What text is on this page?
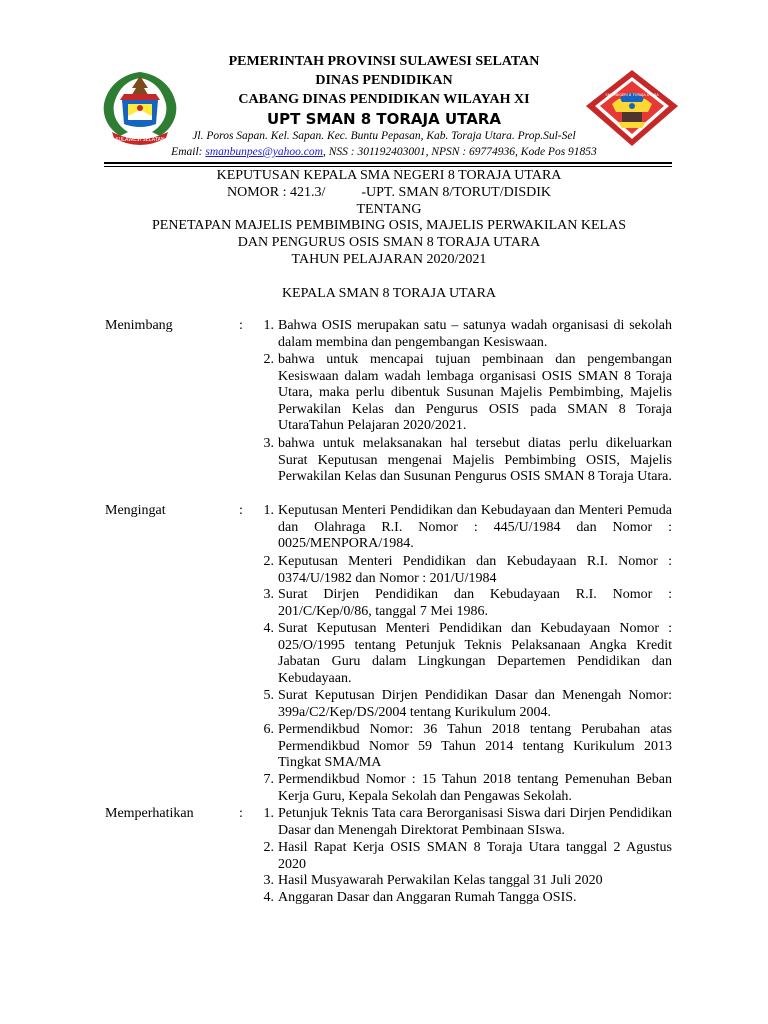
SULAWESI SELATAN
SMA NEGERI 8 TORAJA UTARA
PEMERINTAH PROVINSI SULAWESI SELATAN
DINAS PENDIDIKAN
CABANG DINAS PENDIDIKAN WILAYAH XI
UPT SMAN 8 TORAJA UTARA
Jl. Poros Sapan. Kel. Sapan. Kec. Buntu Pepasan, Kab. Toraja Utara. Prop.Sul-Sel
Email: smanbunpes@yahoo.com, NSS : 301192403001, NPSN : 69774936, Kode Pos 91853
KEPUTUSAN KEPALA SMA NEGERI 8 TORAJA UTARA
NOMOR : 421.3/	-UPT. SMAN 8/TORUT/DISDIK
TENTANG
PENETAPAN MAJELIS PEMBIMBING OSIS, MAJELIS PERWAKILAN KELAS
DAN PENGURUS OSIS SMAN 8 TORAJA UTARA
TAHUN PELAJARAN 2020/2021
KEPALA SMAN 8 TORAJA UTARA
Menimbang	:	1. Bahwa OSIS merupakan satu – satunya wadah organisasi di sekolah dalam membina dan pengembangan Kesiswaan.
2. bahwa untuk mencapai tujuan pembinaan dan pengembangan Kesiswaan dalam wadah lembaga organisasi OSIS SMAN 8 Toraja Utara, maka perlu dibentuk Susunan Majelis Pembimbing, Majelis Perwakilan Kelas dan Pengurus OSIS pada SMAN 8 Toraja UtaraTahun Pelajaran 2020/2021.
3. bahwa untuk melaksanakan hal tersebut diatas perlu dikeluarkan Surat Keputusan mengenai Majelis Pembimbing OSIS, Majelis Perwakilan Kelas dan Susunan Pengurus OSIS SMAN 8 Toraja Utara.
Mengingat	:	1. Keputusan Menteri Pendidikan dan Kebudayaan dan Menteri Pemuda dan Olahraga R.I. Nomor : 445/U/1984 dan Nomor : 0025/MENPORA/1984.
2. Keputusan Menteri Pendidikan dan Kebudayaan R.I. Nomor : 0374/U/1982 dan Nomor : 201/U/1984
3. Surat Dirjen Pendidikan dan Kebudayaan R.I. Nomor : 201/C/Kep/0/86, tanggal 7 Mei 1986.
4. Surat Keputusan Menteri Pendidikan dan Kebudayaan Nomor : 025/O/1995 tentang Petunjuk Teknis Pelaksanaan Angka Kredit Jabatan Guru dalam Lingkungan Departemen Pendidikan dan Kebudayaan.
5. Surat Keputusan Dirjen Pendidikan Dasar dan Menengah Nomor: 399a/C2/Kep/DS/2004 tentang Kurikulum 2004.
6. Permendikbud Nomor: 36 Tahun 2018 tentang Perubahan atas Permendikbud Nomor 59 Tahun 2014 tentang Kurikulum 2013 Tingkat SMA/MA
7. Permendikbud Nomor : 15 Tahun 2018 tentang Pemenuhan Beban Kerja Guru, Kepala Sekolah dan Pengawas Sekolah.
Memperhatikan	:	1. Petunjuk Teknis Tata cara Berorganisasi Siswa dari Dirjen Pendidikan Dasar dan Menengah Direktorat Pembinaan SIswa.
2. Hasil Rapat Kerja OSIS SMAN 8 Toraja Utara tanggal 2 Agustus 2020
3. Hasil Musyawarah Perwakilan Kelas tanggal 31 Juli 2020
4. Anggaran Dasar dan Anggaran Rumah Tangga OSIS.
